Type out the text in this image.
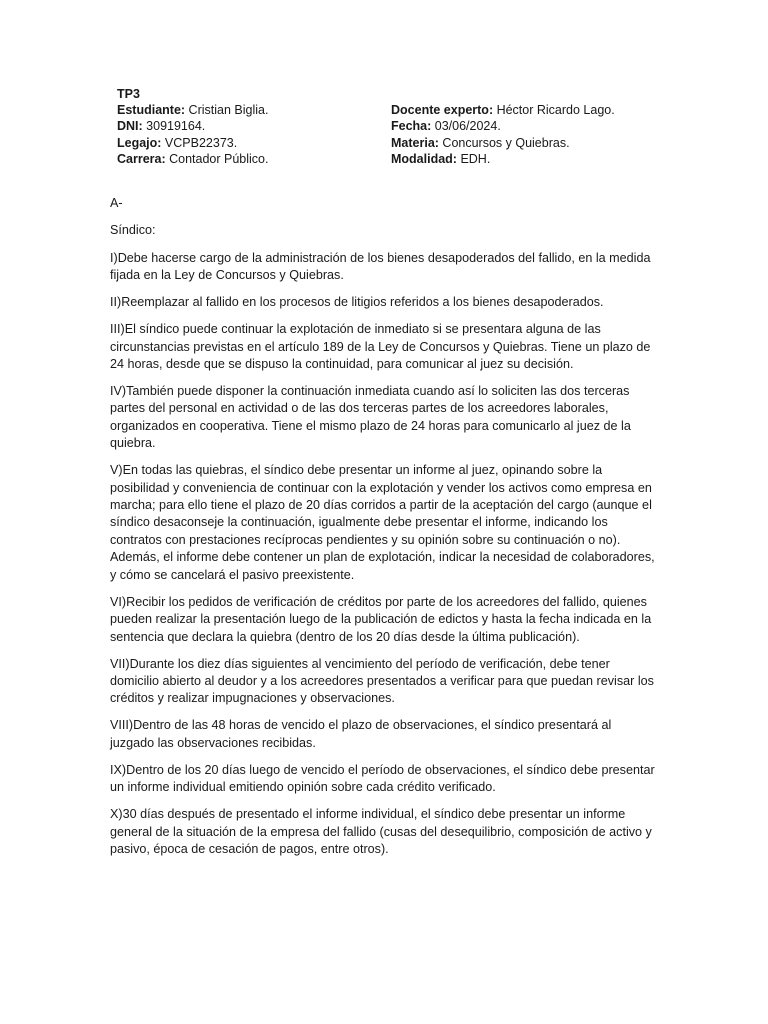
TP3
Estudiante: Cristian Biglia.
DNI: 30919164.
Legajo: VCPB22373.
Carrera: Contador Público.
Docente experto: Héctor Ricardo Lago.
Fecha: 03/06/2024.
Materia: Concursos y Quiebras.
Modalidad: EDH.

A-

Síndico:

I)Debe hacerse cargo de la administración de los bienes desapoderados del fallido, en la medida fijada en la Ley de Concursos y Quiebras.

II)Reemplazar al fallido en los procesos de litigios referidos a los bienes desapoderados.

III)El síndico puede continuar la explotación de inmediato si se presentara alguna de las circunstancias previstas en el artículo 189 de la Ley de Concursos y Quiebras. Tiene un plazo de 24 horas, desde que se dispuso la continuidad, para comunicar al juez su decisión.

IV)También puede disponer la continuación inmediata cuando así lo soliciten las dos terceras partes del personal en actividad o de las dos terceras partes de los acreedores laborales, organizados en cooperativa. Tiene el mismo plazo de 24 horas para comunicarlo al juez de la quiebra.

V)En todas las quiebras, el síndico debe presentar un informe al juez, opinando sobre la posibilidad y conveniencia de continuar con la explotación y vender los activos como empresa en marcha; para ello tiene el plazo de 20 días corridos a partir de la aceptación del cargo (aunque el síndico desaconseje la continuación, igualmente debe presentar el informe, indicando los contratos con prestaciones recíprocas pendientes y su opinión sobre su continuación o no). Además, el informe debe contener un plan de explotación, indicar la necesidad de colaboradores, y cómo se cancelará el pasivo preexistente.

VI)Recibir los pedidos de verificación de créditos por parte de los acreedores del fallido, quienes pueden realizar la presentación luego de la publicación de edictos y hasta la fecha indicada en la sentencia que declara la quiebra (dentro de los 20 días desde la última publicación).

VII)Durante los diez días siguientes al vencimiento del período de verificación, debe tener domicilio abierto al deudor y a los acreedores presentados a verificar para que puedan revisar los créditos y realizar impugnaciones y observaciones.

VIII)Dentro de las 48 horas de vencido el plazo de observaciones, el síndico presentará al juzgado las observaciones recibidas.

IX)Dentro de los 20 días luego de vencido el período de observaciones, el síndico debe presentar un informe individual emitiendo opinión sobre cada crédito verificado.

X)30 días después de presentado el informe individual, el síndico debe presentar un informe general de la situación de la empresa del fallido (cusas del desequilibrio, composición de activo y pasivo, época de cesación de pagos, entre otros).
